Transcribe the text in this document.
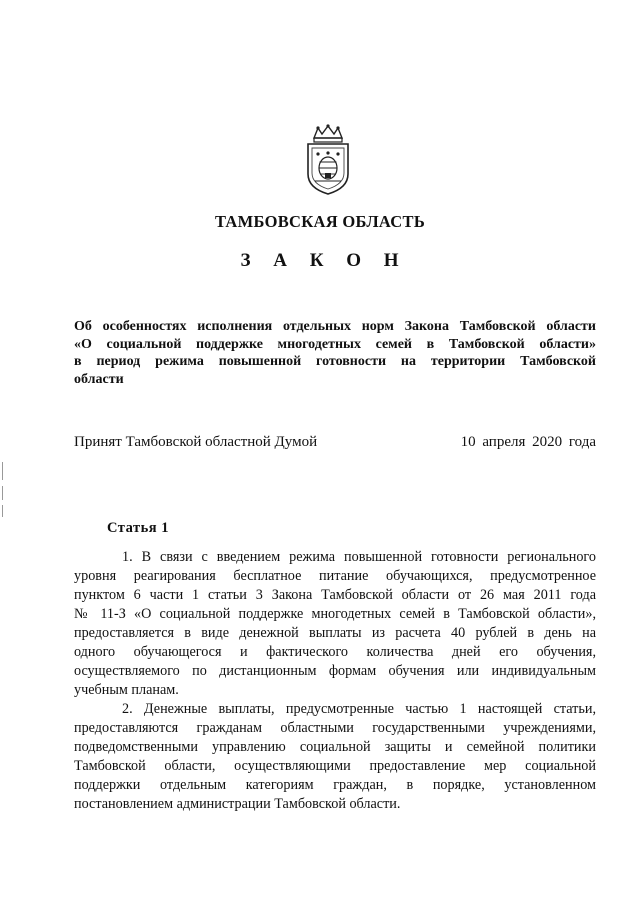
ТАМБОВСКАЯ ОБЛАСТЬ
З А К О Н
Об особенностях исполнения отдельных норм Закона Тамбовской области
«О социальной поддержке многодетных семей в Тамбовской области»
в период режима повышенной готовности на территории Тамбовской
области
Принят Тамбовской областной Думой	10 апреля 2020 года
Статья 1
1. В связи с введением режима повышенной готовности регионального
уровня реагирования бесплатное питание обучающихся, предусмотренное
пунктом 6 части 1 статьи 3 Закона Тамбовской области от 26 мая 2011 года
№ 11-З «О социальной поддержке многодетных семей в Тамбовской области»,
предоставляется в виде денежной выплаты из расчета 40 рублей в день на
одного обучающегося и фактического количества дней его обучения,
осуществляемого по дистанционным формам обучения или индивидуальным
учебным планам.
2. Денежные выплаты, предусмотренные частью 1 настоящей статьи,
предоставляются гражданам областными государственными учреждениями,
подведомственными управлению социальной защиты и семейной политики
Тамбовской области, осуществляющими предоставление мер социальной
поддержки отдельным категориям граждан, в порядке, установленном
постановлением администрации Тамбовской области.
